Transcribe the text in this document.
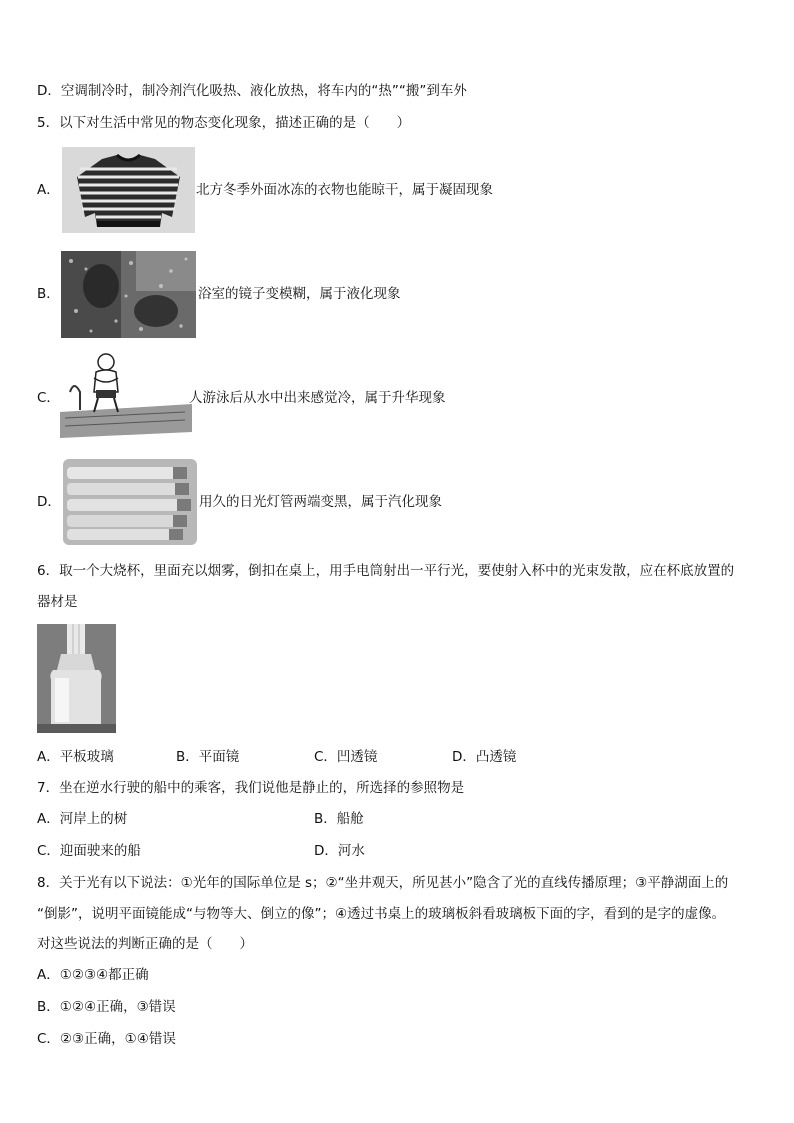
D．空调制冷时，制冷剂汽化吸热、液化放热，将车内的“热”“搬”到车外
5．以下对生活中常见的物态变化现象，描述正确的是（　　）
A．	北方冬季外面冰冻的衣物也能晾干，属于凝固现象
B．	浴室的镜子变模糊，属于液化现象
C．	人游泳后从水中出来感觉冷，属于升华现象
D．	用久的日光灯管两端变黑，属于汽化现象
6．取一个大烧杯，里面充以烟雾，倒扣在桌上，用手电筒射出一平行光，要使射入杯中的光束发散，应在杯底放置的
器材是
A．平板玻璃	B．平面镜	C．凹透镜	D．凸透镜
7．坐在逆水行驶的船中的乘客，我们说他是静止的，所选择的参照物是
A．河岸上的树	B．船舱
C．迎面驶来的船	D．河水
8．关于光有以下说法：①光年的国际单位是 s；②“坐井观天，所见甚小”隐含了光的直线传播原理；③平静湖面上的
“倒影”，说明平面镜能成“与物等大、倒立的像”；④透过书桌上的玻璃板斜看玻璃板下面的字，看到的是字的虚像。
对这些说法的判断正确的是（　　）
A．①②③④都正确
B．①②④正确，③错误
C．②③正确，①④错误
